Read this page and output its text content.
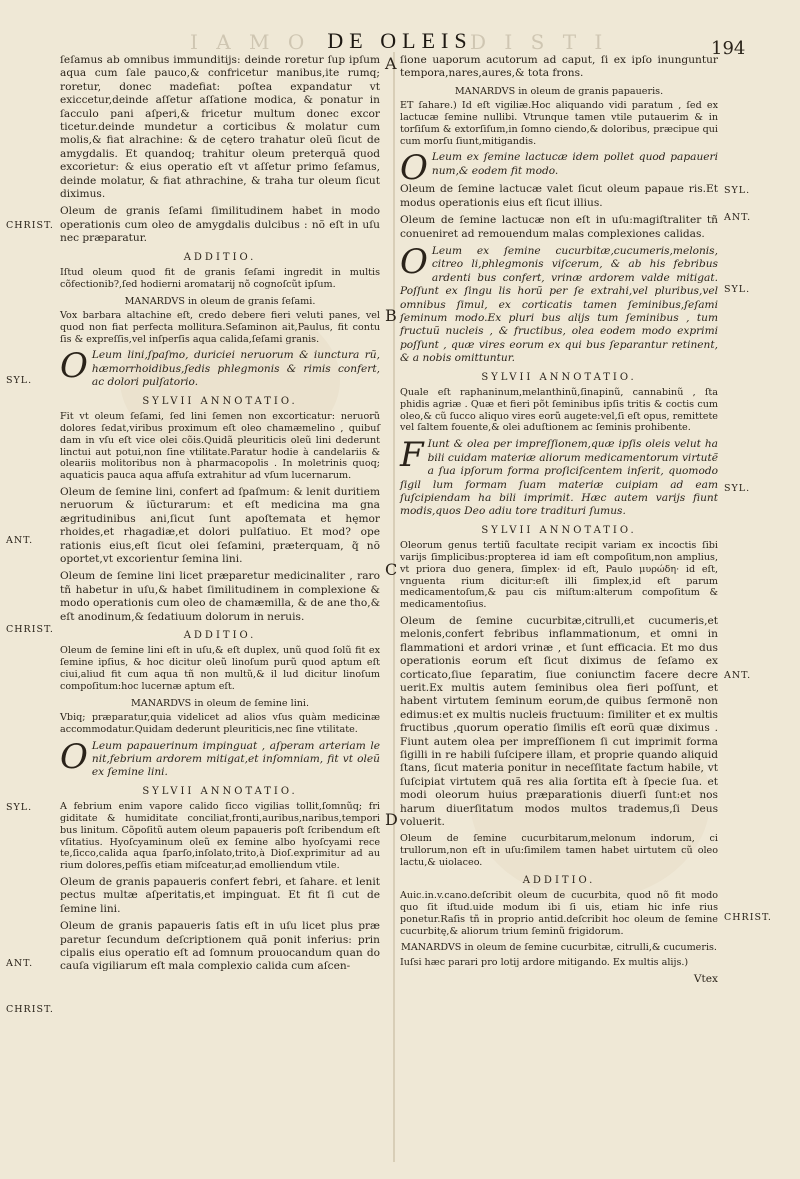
I A M O	D I S T I
DE OLEIS	194
CHRIST.
SYL.
ANT.
CHRIST.
SYL.
ANT.
CHRIST.
SYL.
ANT.
SYL.
SYL.
ANT.
CHRIST.
A
B
C
D

ſeſamus ab omnibus immunditijs: deinde roretur ſup ipſum aqua cum ſale pauco,& confricetur manibus,ite rumq; roretur, donec madefiat: poſtea expandatur vt exiccetur,deinde aſſetur aſſatione modica, & ponatur in ſacculo pani aſperi,& fricetur multum donec excor ticetur.deinde mundetur a corticibus & molatur cum molis,& fiat alrachine: & de cętero trahatur oleũ ſicut de amygdalis. Et quandoq; trahitur oleum preterquã quod excorietur: & eius operatio eſt vt aſſetur primo ſeſamus, deinde molatur, & fiat athrachine, & traha tur oleum ſicut diximus.

Oleum de granis ſeſami ſimilitudinem habet in modo operationis cum oleo de amygdalis dulcibus : nõ eſt in uſu nec præparatur.

ADDITIO.

Iſtud oleum quod fit de granis ſeſami ingredit in multis cõfectionib?,ſed hodierni aromatarij nõ cognoſcũt ipſum.

MANARDVS in oleum de granis ſeſami.

Vox barbara altachine eſt, credo debere fieri veluti panes, vel quod non fiat perfecta mollitura.Seſaminon ait,Paulus, fit contu ſis & expreſſis,vel inſperſis aqua calida,ſeſami granis.

O Leum lini,ſpaſmo, duriciei neruorum & iunctura rũ, hæmorrhoidibus,ſedis phlegmonis & rimis confert, ac dolori pulſatorio.

SYLVII ANNOTATIO.

Fit vt oleum ſeſami, ſed lini ſemen non excorticatur: neruorũ dolores ſedat,viribus proximum eſt oleo chamæmelino , quibuſ dam in vſu eſt vice olei cõis.Quidã pleuriticis oleũ lini dederunt linctui aut potui,non ſine vtilitate.Paratur hodie à candelariis & oleariis molitoribus non à pharmacopolis . In moletrinis quoq; aquaticis pauca aqua affuſa extrahitur ad vſum lucernarum.

Oleum de ſemine lini, confert ad ſpaſmum: & lenit duritiem neruorum & iũcturarum: et eſt medicina ma gna ægritudinibus ani,ſicut ſunt apoſtemata et hęmor rhoides,et rhagadiæ,et dolori pulſatiuo. Et mod? ope rationis eius,eſt ſicut olei ſeſamini, præterquam, q̃ nõ oportet,vt excorientur ſemina lini.

Oleum de ſemine lini licet præparetur medicinaliter , raro tñ habetur in uſu,& habet ſimilitudinem in complexione & modo operationis cum oleo de chamæmilla, & de ane tho,& eſt anodinum,& ſedatiuum dolorum in neruis.

ADDITIO.

Oleum de ſemine lini eſt in uſu,& eſt duplex, unũ quod ſolũ fit ex ſemine ipſius, & hoc dicitur oleũ linoſum purũ quod aptum eſt ciui,aliud fit cum aqua tñ non multũ,& il lud dicitur linoſum compoſitum:hoc lucernæ aptum eſt.

MANARDVS in oleum de ſemine lini.

Vbiq; præparatur,quia videlicet ad alios vſus quàm medicinæ accommodatur.Quidam dederunt pleuriticis,nec ſine vtilitate.

O Leum papauerinum impinguat , aſperam arteriam le nit,febrium ardorem mitigat,et inſomniam, fit vt oleũ ex ſemine lini.

SYLVII ANNOTATIO.

A febrium enim vapore calido ſicco vigilias tollit,ſomnũq; fri giditate & humiditate conciliat,fronti,auribus,naribus,tempori bus linitum. Cõpoſitũ autem oleum papaueris poſt ſcribendum eſt vſitatius. Hyoſcyaminum oleũ ex ſemine albo hyoſcyami rece te,ſicco,calida aqua ſparſo,inſolato,trito,à Dioſ.exprimitur ad au rium dolores,peſſis etiam miſceatur,ad emolliendum vtile.

Oleum de granis papaueris confert febri, et ſahare. et lenit pectus multæ aſperitatis,et impinguat. Et fit ſi cut de ſemine lini.

Oleum de granis papaueris ſatis eſt in uſu licet plus præ paretur ſecundum deſcriptionem quã ponit inferius: prin cipalis eius operatio eſt ad ſomnum prouocandum quan do cauſa vigiliarum eſt mala complexio calida cum aſcen-

ſione uaporum acutorum ad caput, ſi ex ipſo inunguntur tempora,nares,aures,& tota frons.

MANARDVS in oleum de granis papaueris.

ET ſahare.) Id eſt vigiliæ.Hoc aliquando vidi paratum , ſed ex lactucæ ſemine nullibi. Vtrunque tamen vtile putauerim & in torſiſum & extorſiſum,in ſomno ciendo,& doloribus, præcipue qui cum morſu ſiunt,mitigandis.

O Leum ex ſemine lactucæ idem pollet quod papaueri num,& eodem fit modo.

Oleum de ſemine lactucæ valet ſicut oleum papaue ris.Et modus operationis eius eſt ſicut illius.

Oleum de ſemine lactucæ non eſt in uſu:magiſtraliter tñ conueniret ad remouendum malas complexiones calidas.

O Leum ex ſemine cucurbitæ,cucumeris,melonis, citreo li,phlegmonis viſcerum, & ab his febribus ardenti bus confert, vrinæ ardorem valde mitigat. Poſſunt ex ſingu lis horũ per ſe extrahi,vel pluribus,vel omnibus ſimul, ex corticatis tamen ſeminibus,ſeſami ſeminum modo.Ex pluri bus alijs tum ſeminibus , tum fructuũ nucleis , & fructibus, olea eodem modo exprimi poſſunt , quæ vires eorum ex qui bus ſeparantur retinent, & a nobis omittuntur.

SYLVII ANNOTATIO.

Quale eſt raphaninum,melanthinũ,ſinapinũ, cannabinũ , ſta phidis agriæ . Quæ et fieri põt ſeminibus ipſis tritis & coctis cum oleo,& cũ ſucco aliquo vires eorũ augete:vel,ſi eſt opus, remittete vel ſaltem fouente,& olei aduſtionem ac ſeminis prohibente.

F Iunt & olea per impreſſionem,quæ ipſis oleis velut ha bili cuidam materiæ aliorum medicamentorum virtutẽ a ſua ipſorum forma proſiciſcentem inſerit, quomodo ſigil lum formam ſuam materiæ cuipiam ad eam ſuſcipiendam ha bili imprimit. Hæc autem varijs fiunt modis,quos Deo adiu tore tradituri ſumus.

SYLVII ANNOTATIO.

Oleorum genus tertiũ facultate recipit variam ex incoctis ſibi varijs ſimplicibus:propterea id iam eſt compoſitum,non amplius, vt priora duo genera, ſimplex· id eſt, Paulo μυρώδη· id eſt, vnguenta rium dicitur:eſt illi ſimplex,id eſt parum medicamentoſum,& pau cis miſtum:alterum compoſitum & medicamentoſius.

Oleum de ſemine cucurbitæ,citrulli,et cucumeris,et melonis,confert febribus inflammationum, et omni in flammationi et ardori vrinæ , et ſunt efficacia. Et mo dus operationis eorum eſt ſicut diximus de ſeſamo ex corticato,ſiue ſeparatim, ſiue coniunctim facere decre uerit.Ex multis autem ſeminibus olea fieri poſſunt, et habent virtutem ſeminum eorum,de quibus ſermonẽ non edimus:et ex multis nucleis fructuum: ſimiliter et ex multis fructibus ,quorum operatio ſimilis eſt eorũ quæ diximus . Fiunt autem olea per impreſſionem ſi cut imprimit forma ſigilli in re habili ſuſcipere illam, et proprie quando aliquid ſtans, ſicut materia ponitur in neceſſitate factum habile, vt ſuſcipiat virtutem quã res alia ſortita eſt à ſpecie ſua. et modi oleorum huius præparationis diuerſi ſunt:et nos harum diuerſitatum modos multos trademus,ſi Deus voluerit.

Oleum de ſemine cucurbitarum,melonum indorum, ci trullorum,non eſt in uſu:ſimilem tamen habet uirtutem cũ oleo lactu,& uiolaceo.

ADDITIO.

Auic.in.v.cano.deſcribit oleum de cucurbita, quod nõ fit modo quo ſit iſtud.uide modum ibi ſi uis, etiam hic infe rius ponetur.Raſis tñ in proprio antid.deſcribit hoc oleum de ſemine cucurbitę,& aliorum trium ſeminũ frigidorum.

MANARDVS in oleum de ſemine cucurbitæ, citrulli,& cucumeris.

Iuſsi hæc parari pro lotij ardore mitigando. Ex multis alijs.)

Vtex
